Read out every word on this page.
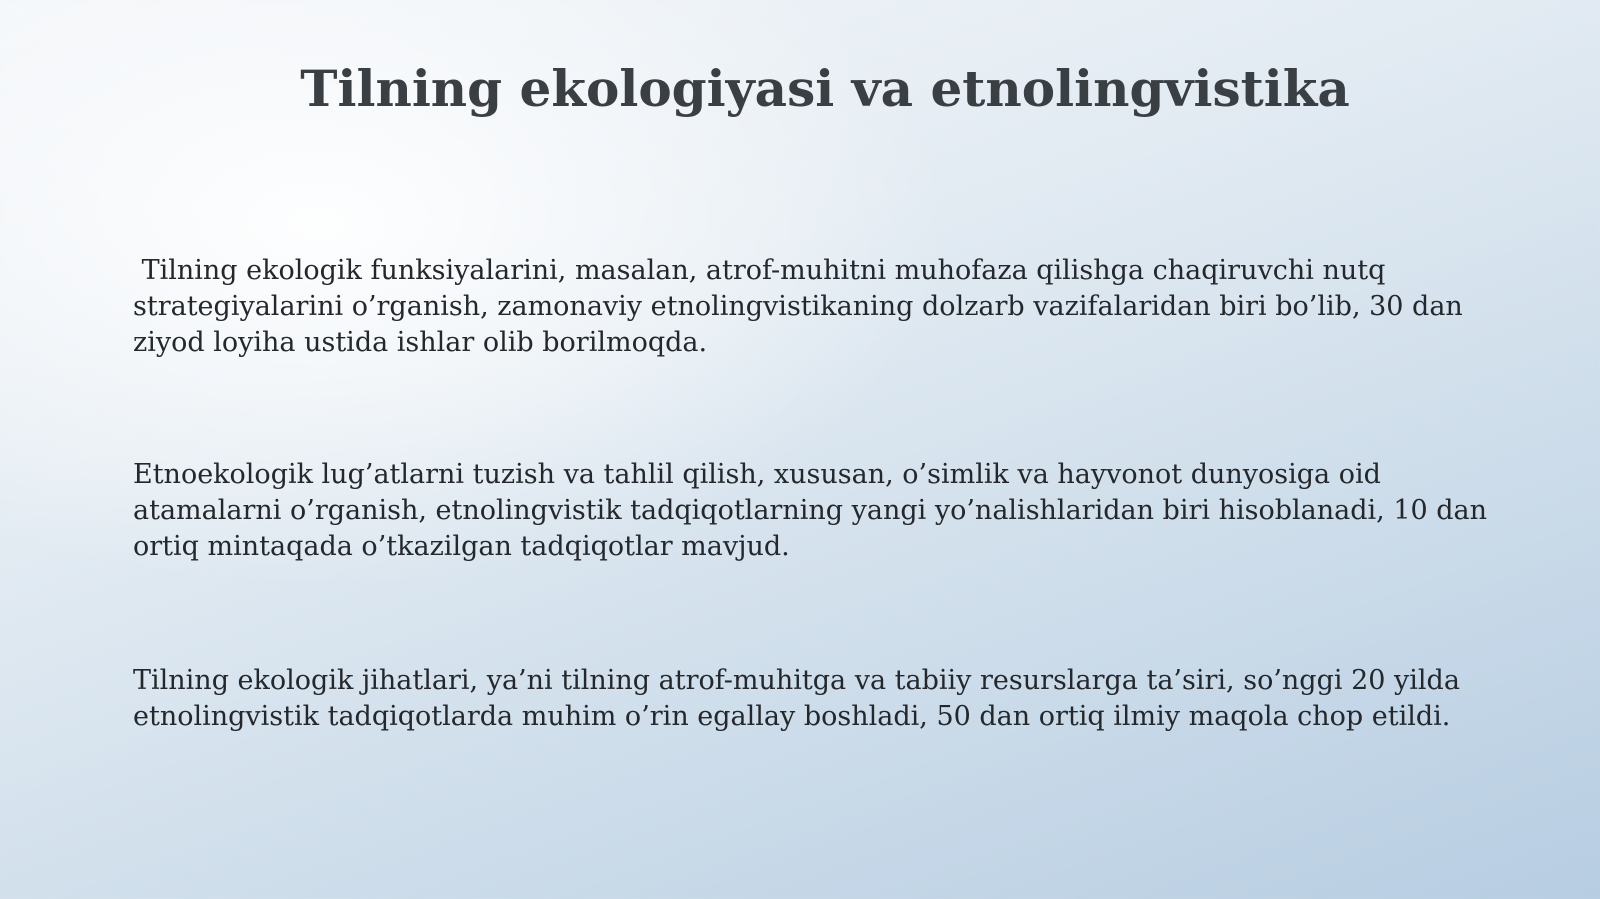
Tilning ekologiyasi va etnolingvistika

Tilning ekologik funksiyalarini, masalan, atrof-muhitni muhofaza qilishga chaqiruvchi nutq strategiyalarini o’rganish, zamonaviy etnolingvistikaning dolzarb vazifalaridan biri bo’lib, 30 dan ziyod loyiha ustida ishlar olib borilmoqda.

Etnoekologik lug’atlarni tuzish va tahlil qilish, xususan, o’simlik va hayvonot dunyosiga oid atamalarni o’rganish, etnolingvistik tadqiqotlarning yangi yo’nalishlaridan biri hisoblanadi, 10 dan ortiq mintaqada o’tkazilgan tadqiqotlar mavjud.

Tilning ekologik jihatlari, ya’ni tilning atrof-muhitga va tabiiy resurslarga ta’siri, so’nggi 20 yilda etnolingvistik tadqiqotlarda muhim o’rin egallay boshladi, 50 dan ortiq ilmiy maqola chop etildi.
